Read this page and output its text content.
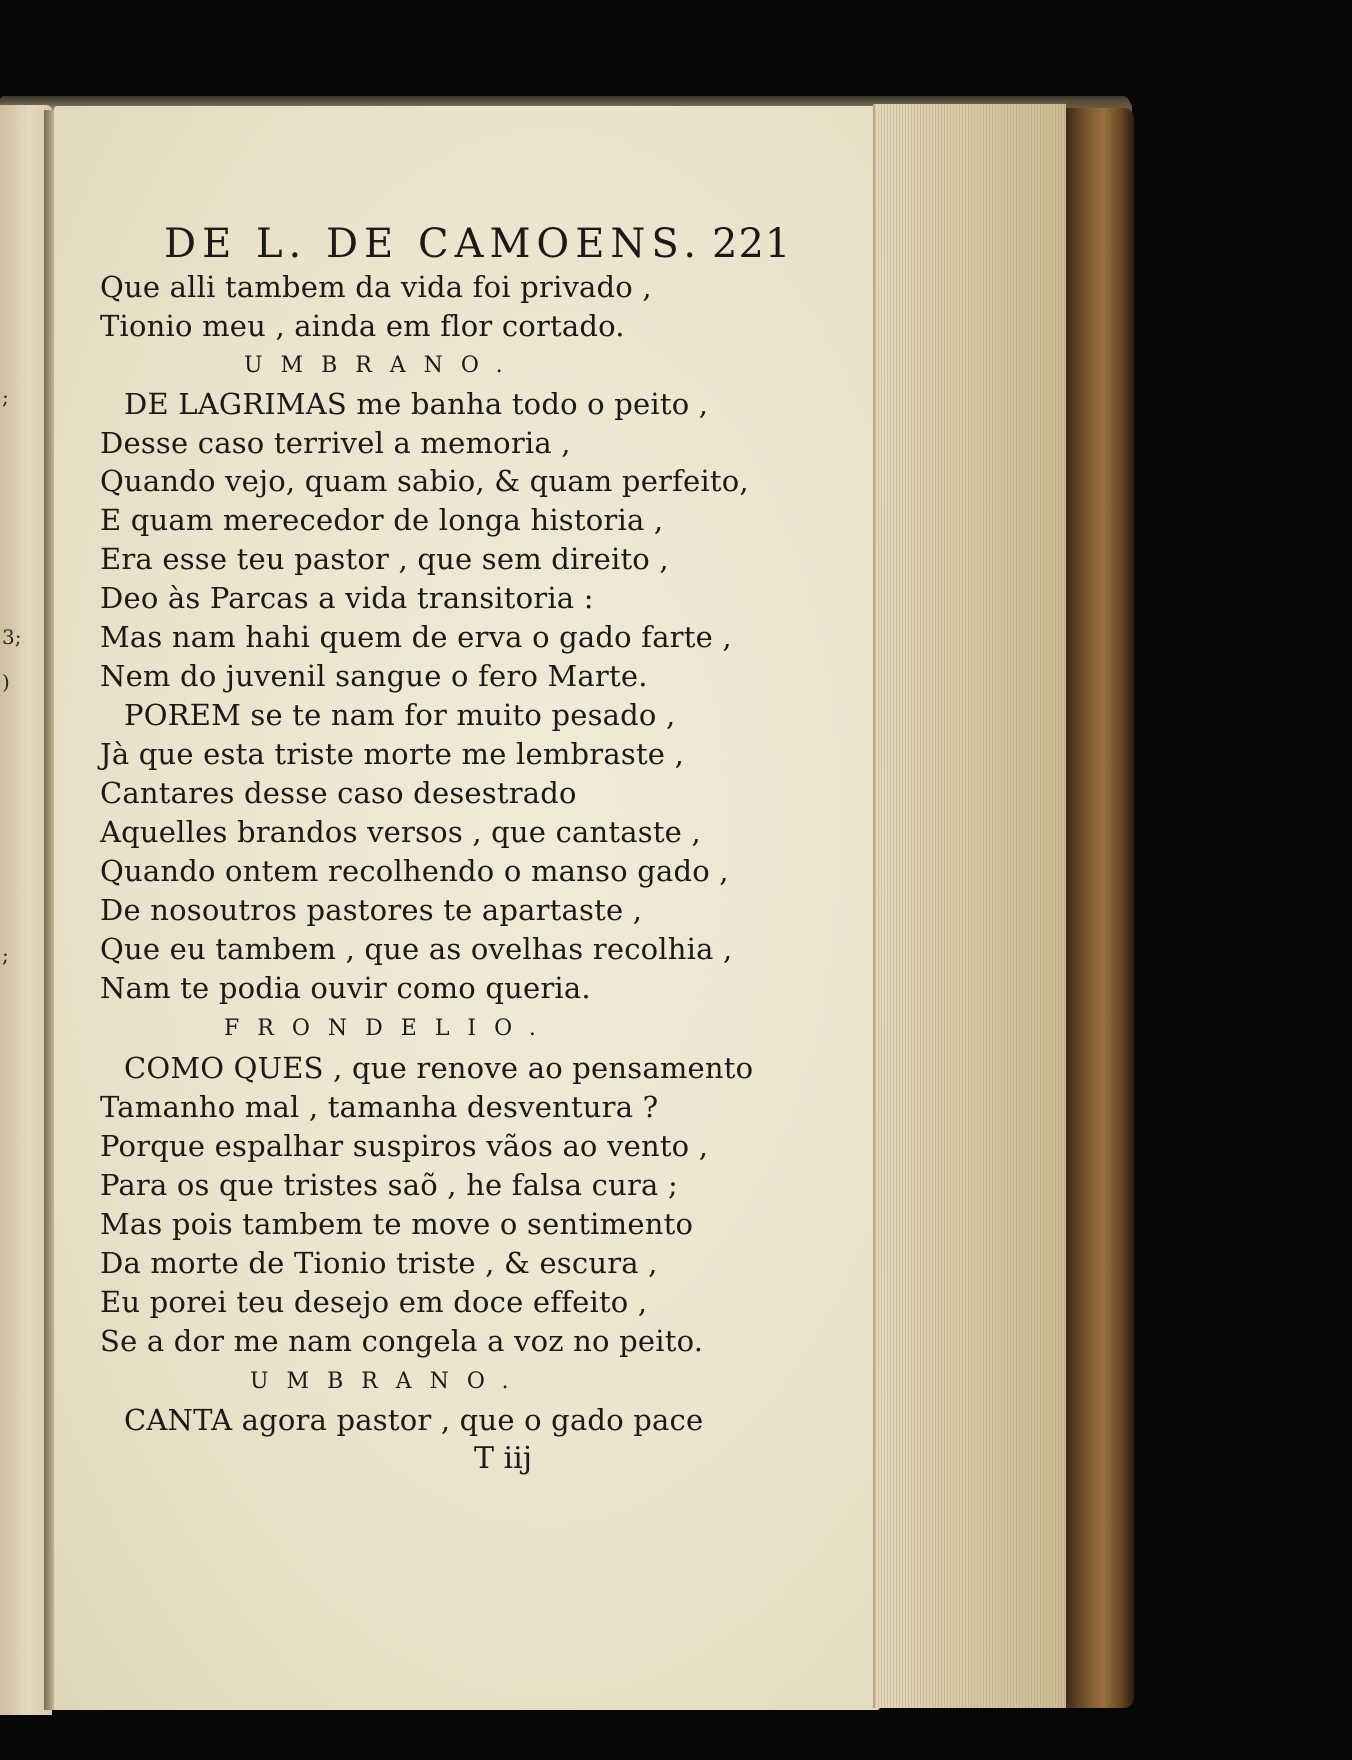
;
3;
)
;
DE L. DE CAMOENS. 221
Que alli tambem da vida foi privado ,
Tionio meu , ainda em flor cortado.
UMBRANO.
DE LAGRIMAS me banha todo o peito ,
Desse caso terrivel a memoria ,
Quando vejo, quam sabio, & quam perfeito,
E quam merecedor de longa historia ,
Era esse teu pastor , que sem direito ,
Deo às Parcas a vida transitoria :
Mas nam hahi quem de erva o gado farte ,
Nem do juvenil sangue o fero Marte.
POREM se te nam for muito pesado ,
Jà que esta triste morte me lembraste ,
Cantares desse caso desestrado
Aquelles brandos versos , que cantaste ,
Quando ontem recolhendo o manso gado ,
De nosoutros pastores te apartaste ,
Que eu tambem , que as ovelhas recolhia ,
Nam te podia ouvir como queria.
FRONDELIO.
COMO QUES , que renove ao pensamento
Tamanho mal , tamanha desventura ?
Porque espalhar suspiros vãos ao vento ,
Para os que tristes saõ , he falsa cura ;
Mas pois tambem te move o sentimento
Da morte de Tionio triste , & escura ,
Eu porei teu desejo em doce effeito ,
Se a dor me nam congela a voz no peito.
UMBRANO.
CANTA agora pastor , que o gado pace
T iij
